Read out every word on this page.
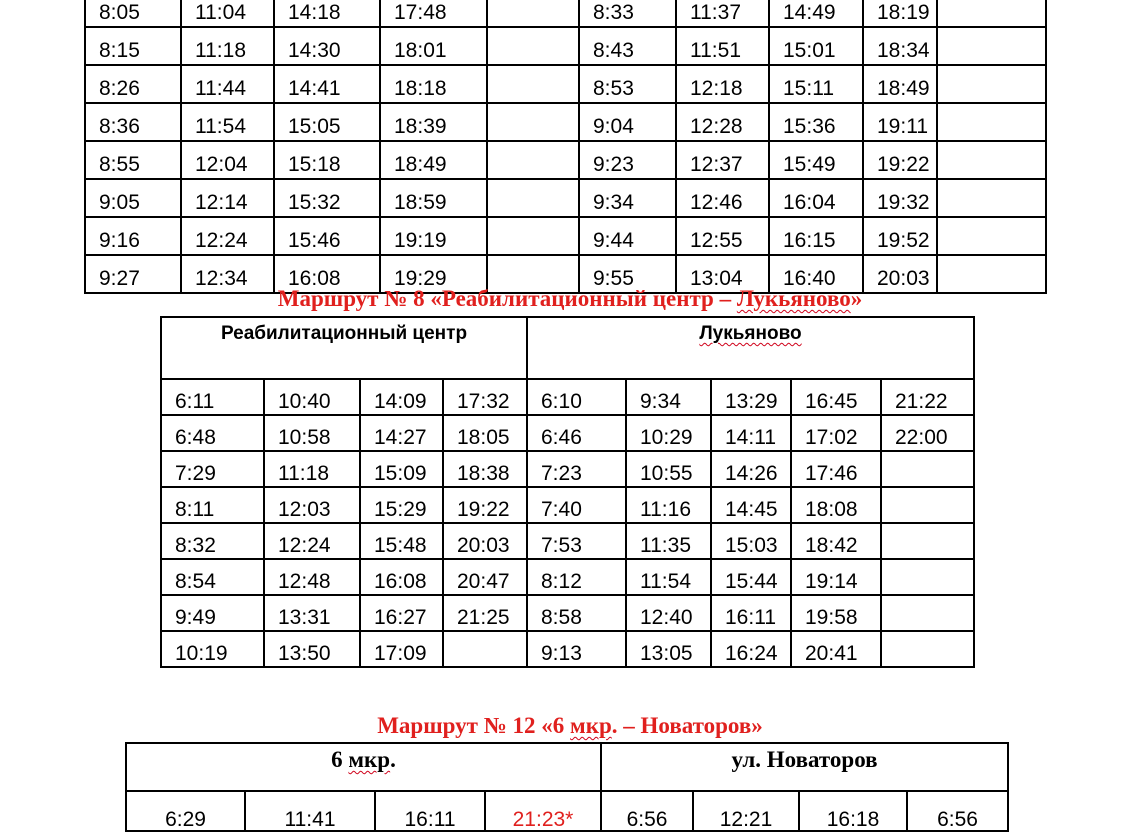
8:05	11:04	14:18	17:48		8:33	11:37	14:49	18:19	
8:15	11:18	14:30	18:01		8:43	11:51	15:01	18:34	
8:26	11:44	14:41	18:18		8:53	12:18	15:11	18:49	
8:36	11:54	15:05	18:39		9:04	12:28	15:36	19:11	
8:55	12:04	15:18	18:49		9:23	12:37	15:49	19:22	
9:05	12:14	15:32	18:59		9:34	12:46	16:04	19:32	
9:16	12:24	15:46	19:19		9:44	12:55	16:15	19:52	
9:27	12:34	16:08	19:29		9:55	13:04	16:40	20:03	
Маршрут № 8 «Реабилитационный центр – Лукьяново»
Реабилитационный центр				Лукьяново				
6:11	10:40	14:09	17:32	6:10	9:34	13:29	16:45	21:22
6:48	10:58	14:27	18:05	6:46	10:29	14:11	17:02	22:00
7:29	11:18	15:09	18:38	7:23	10:55	14:26	17:46	
8:11	12:03	15:29	19:22	7:40	11:16	14:45	18:08	
8:32	12:24	15:48	20:03	7:53	11:35	15:03	18:42	
8:54	12:48	16:08	20:47	8:12	11:54	15:44	19:14	
9:49	13:31	16:27	21:25	8:58	12:40	16:11	19:58	
10:19	13:50	17:09		9:13	13:05	16:24	20:41	
Маршрут № 12 «6 мкр. – Новаторов»
6 мкр.				ул. Новаторов			
6:29	11:41	16:11	21:23*	6:56	12:21	16:18	6:56
